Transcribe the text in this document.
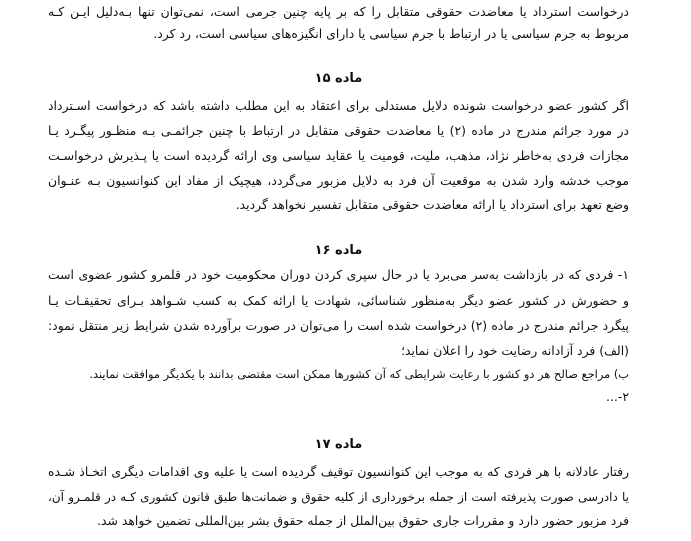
درخواست استرداد یا معاضدت حقوقی متقابل را که بر پایه چنین جرمی است، نمی‌توان تنها بـه‌دلیل ایـن کـه
مربوط به جرم سیاسی یا در ارتباط با جرم سیاسی یا دارای انگیزه‌های سیاسی است، رد کرد.
ماده ۱۵
اگر کشور عضو درخواست شونده دلایل مستدلی برای اعتقاد به این مطلب داشته باشد که درخواست اسـترداد
در مورد جرائم مندرج در ماده (۲) یا معاضدت حقوقی متقابل در ارتباط با چنین جرائمـی بـه منظـور پیگـرد یـا
مجازات فردی به‌خاطر نژاد، مذهب، ملیت، قومیت یا عقاید سیاسی وی ارائه گردیده است یا پـذیرش درخواسـت
موجب خدشه وارد شدن به موقعیت آن فرد به دلایل مزبور می‌گردد، هیچیک از مفاد این کنوانسیون بـه عنـوان
وضع تعهد برای استرداد یا ارائه معاضدت حقوقی متقابل تفسیر نخواهد گردید.
ماده ۱۶
۱- فردی که در بازداشت به‌سر می‌برد یا در حال سپری کردن دوران محکومیت خود در قلمرو کشور عضوی است
و حضورش در کشور عضو دیگر به‌منظور شناسائی، شهادت یا ارائه کمک به کسب شـواهد بـرای تحقیقـات یـا
پیگرد جرائم مندرج در ماده (۲) درخواست شده است را می‌توان در صورت برآورده شدن شرایط زیر منتقل نمود:
(الف) فرد آزادانه رضایت خود را اعلان نماید؛
ب) مراجع صالح هر دو کشور با رعایت شرایطی که آن کشورها ممکن است مقتضی بدانند با یکدیگر موافقت نمایند.
۲-...
ماده ۱۷
رفتار عادلانه با هر فردی که به موجب این کنوانسیون توقیف گردیده است یا علیه وی اقدامات دیگری اتخـاذ شـده
یا دادرسی صورت پذیرفته است از جمله برخورداری از کلیه حقوق و ضمانت‌ها طبق قانون کشوری کـه در قلمـرو آن،
فرد مزبور حضور دارد و مقررات جاری حقوق بین‌الملل از جمله حقوق بشر بین‌المللی تضمین خواهد شد.
